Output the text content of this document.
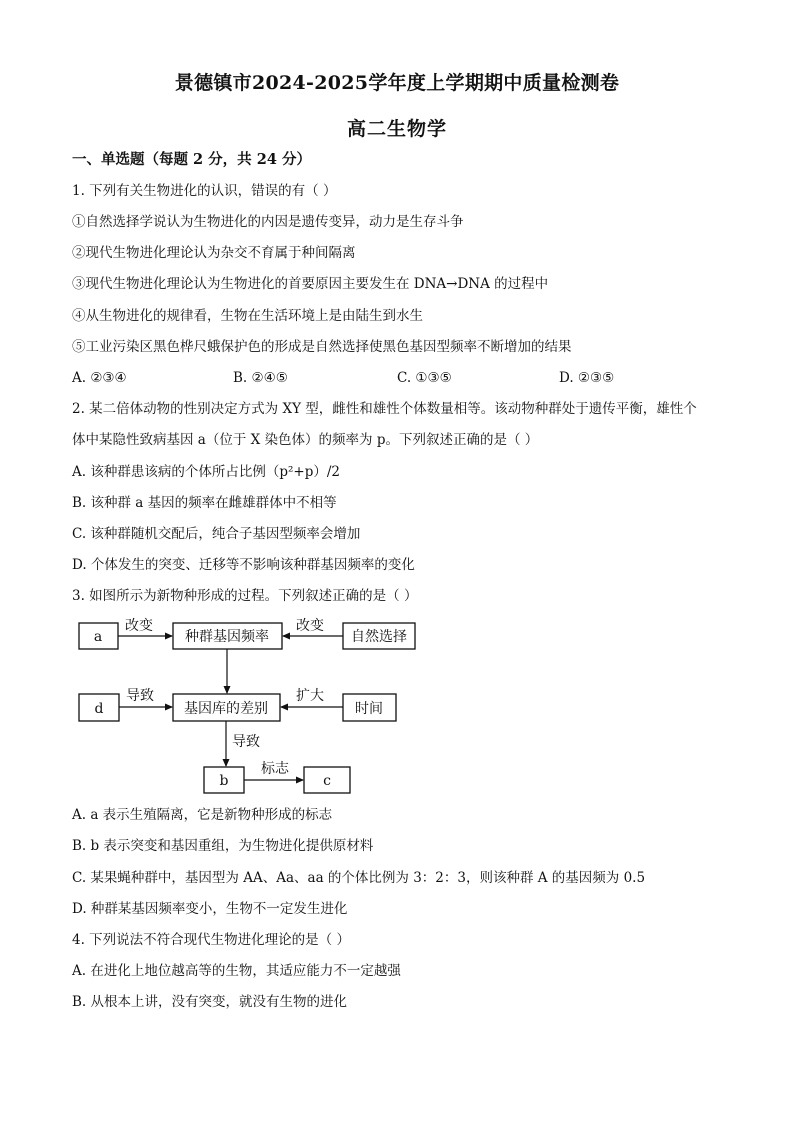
景德镇市2024-2025学年度上学期期中质量检测卷
高二生物学
一、单选题（每题 2 分，共 24 分）
1. 下列有关生物进化的认识，错误的有（ ）
①自然选择学说认为生物进化的内因是遗传变异，动力是生存斗争
②现代生物进化理论认为杂交不育属于种间隔离
③现代生物进化理论认为生物进化的首要原因主要发生在 DNA→DNA 的过程中
④从生物进化的规律看，生物在生活环境上是由陆生到水生
⑤工业污染区黑色桦尺蛾保护色的形成是自然选择使黑色基因型频率不断增加的结果
A. ②③④	B. ②④⑤	C. ①③⑤	D. ②③⑤
2. 某二倍体动物的性别决定方式为 XY 型，雌性和雄性个体数量相等。该动物种群处于遗传平衡，雄性个
体中某隐性致病基因 a（位于 X 染色体）的频率为 p。下列叙述正确的是（ ）
A. 该种群患该病的个体所占比例（p²+p）/2
B. 该种群 a 基因的频率在雌雄群体中不相等
C. 该种群随机交配后，纯合子基因型频率会增加
D. 个体发生的突变、迁移等不影响该种群基因频率的变化
3. 如图所示为新物种形成的过程。下列叙述正确的是（ ）
a	种群基因频率	自然选择
d	基因库的差别	时间
b	c
改变	改变
导致	扩大
导致
标志
A. a 表示生殖隔离，它是新物种形成的标志
B. b 表示突变和基因重组，为生物进化提供原材料
C. 某果蝇种群中，基因型为 AA、Aa、aa 的个体比例为 3：2：3，则该种群 A 的基因频为 0.5
D. 种群某基因频率变小，生物不一定发生进化
4. 下列说法不符合现代生物进化理论的是（ ）
A. 在进化上地位越高等的生物，其适应能力不一定越强
B. 从根本上讲，没有突变，就没有生物的进化
